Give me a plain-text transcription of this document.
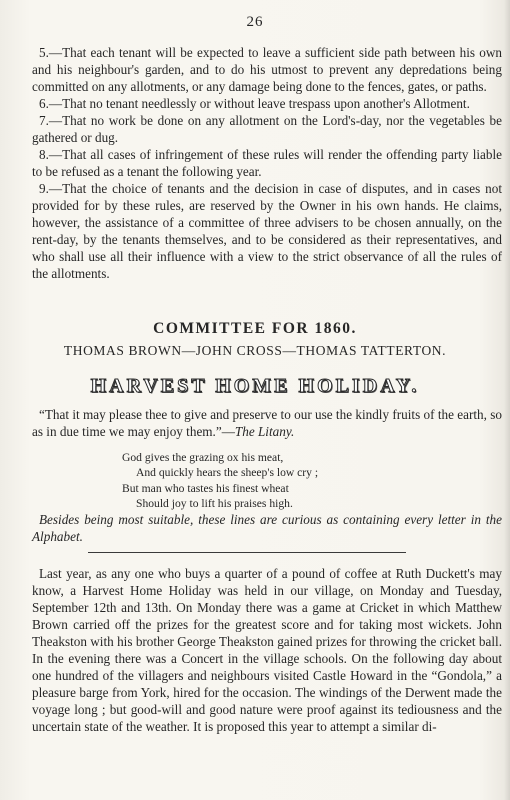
26

5.—That each tenant will be expected to leave a sufficient side path between his own and his neighbour's garden, and to do his utmost to prevent any depredations being committed on any allotments, or any damage being done to the fences, gates, or paths.

6.—That no tenant needlessly or without leave trespass upon another's Allotment.

7.—That no work be done on any allotment on the Lord's-day, nor the vegetables be gathered or dug.

8.—That all cases of infringement of these rules will render the offending party liable to be refused as a tenant the following year.

9.—That the choice of tenants and the decision in case of disputes, and in cases not provided for by these rules, are reserved by the Owner in his own hands. He claims, however, the assistance of a committee of three advisers to be chosen annually, on the rent-day, by the tenants themselves, and to be considered as their representatives, and who shall use all their influence with a view to the strict observance of all the rules of the allotments.

COMMITTEE FOR 1860.
THOMAS BROWN—JOHN CROSS—THOMAS TATTERTON.
HARVEST HOME HOLIDAY.

“That it may please thee to give and preserve to our use the kindly fruits of the earth, so as in due time we may enjoy them.”—The Litany.

God gives the grazing ox his meat,
And quickly hears the sheep's low cry ;
But man who tastes his finest wheat
Should joy to lift his praises high.

Besides being most suitable, these lines are curious as containing every letter in the Alphabet.

Last year, as any one who buys a quarter of a pound of coffee at Ruth Duckett's may know, a Harvest Home Holiday was held in our village, on Monday and Tuesday, September 12th and 13th. On Monday there was a game at Cricket in which Matthew Brown carried off the prizes for the greatest score and for taking most wickets. John Theakston with his brother George Theakston gained prizes for throwing the cricket ball. In the evening there was a Concert in the village schools. On the following day about one hundred of the villagers and neighbours visited Castle Howard in the “Gondola,” a pleasure barge from York, hired for the occasion. The windings of the Derwent made the voyage long ; but good-will and good nature were proof against its tediousness and the uncertain state of the weather. It is proposed this year to attempt a similar di-
